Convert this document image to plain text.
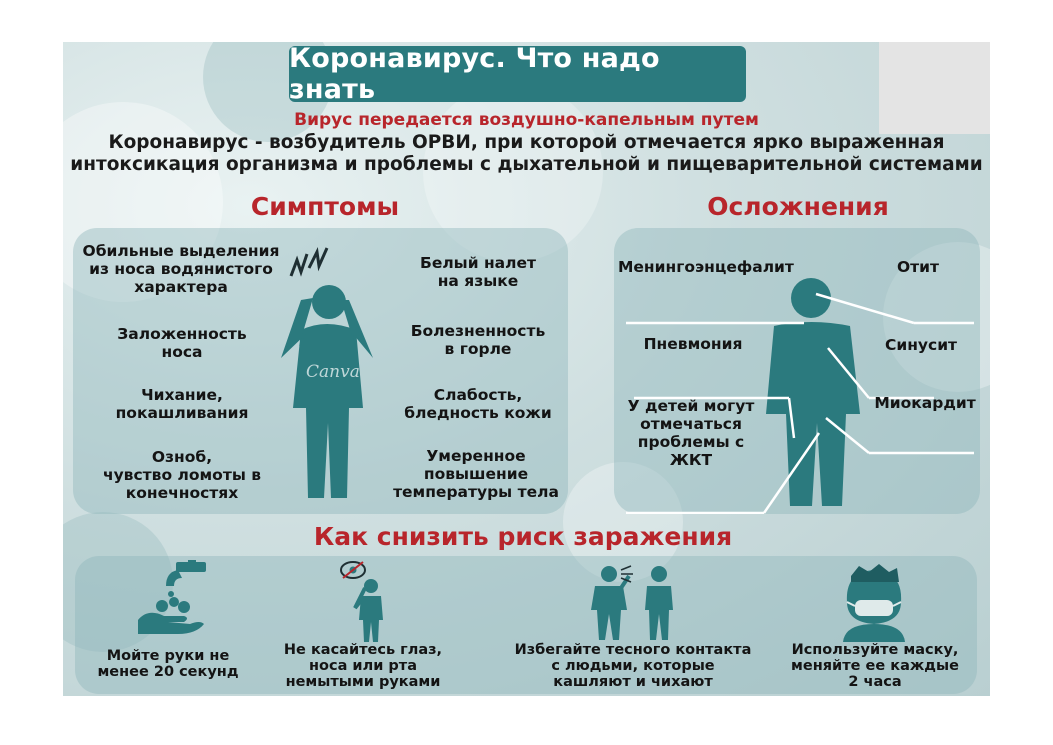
Коронавирус. Что надо знать
Вирус передается воздушно-капельным путем
Коронавирус - возбудитель ОРВИ, при которой отмечается ярко выраженная
интоксикация организма и проблемы с дыхательной и пищеварительной системами
Симптомы	Осложнения
Canva
Обильные выделения
из носа водянистого
характера
Заложенность
носа
Чихание,
покашливания
Озноб,
чувство ломоты в
конечностях
Белый налет
на языке
Болезненность
в горле
Слабость,
бледность кожи
Умеренное
повышение
температуры тела
Менингоэнцефалит	Отит
Пневмония	Синусит
Миокардит
У детей могут
отмечаться
проблемы с
ЖКТ
Как снизить риск заражения
Мойте руки не
менее 20 секунд
Не касайтесь глаз,
носа или рта
немытыми руками
Избегайте тесного контакта
с людьми, которые
кашляют и чихают
Используйте маску,
меняйте ее каждые
2 часа
